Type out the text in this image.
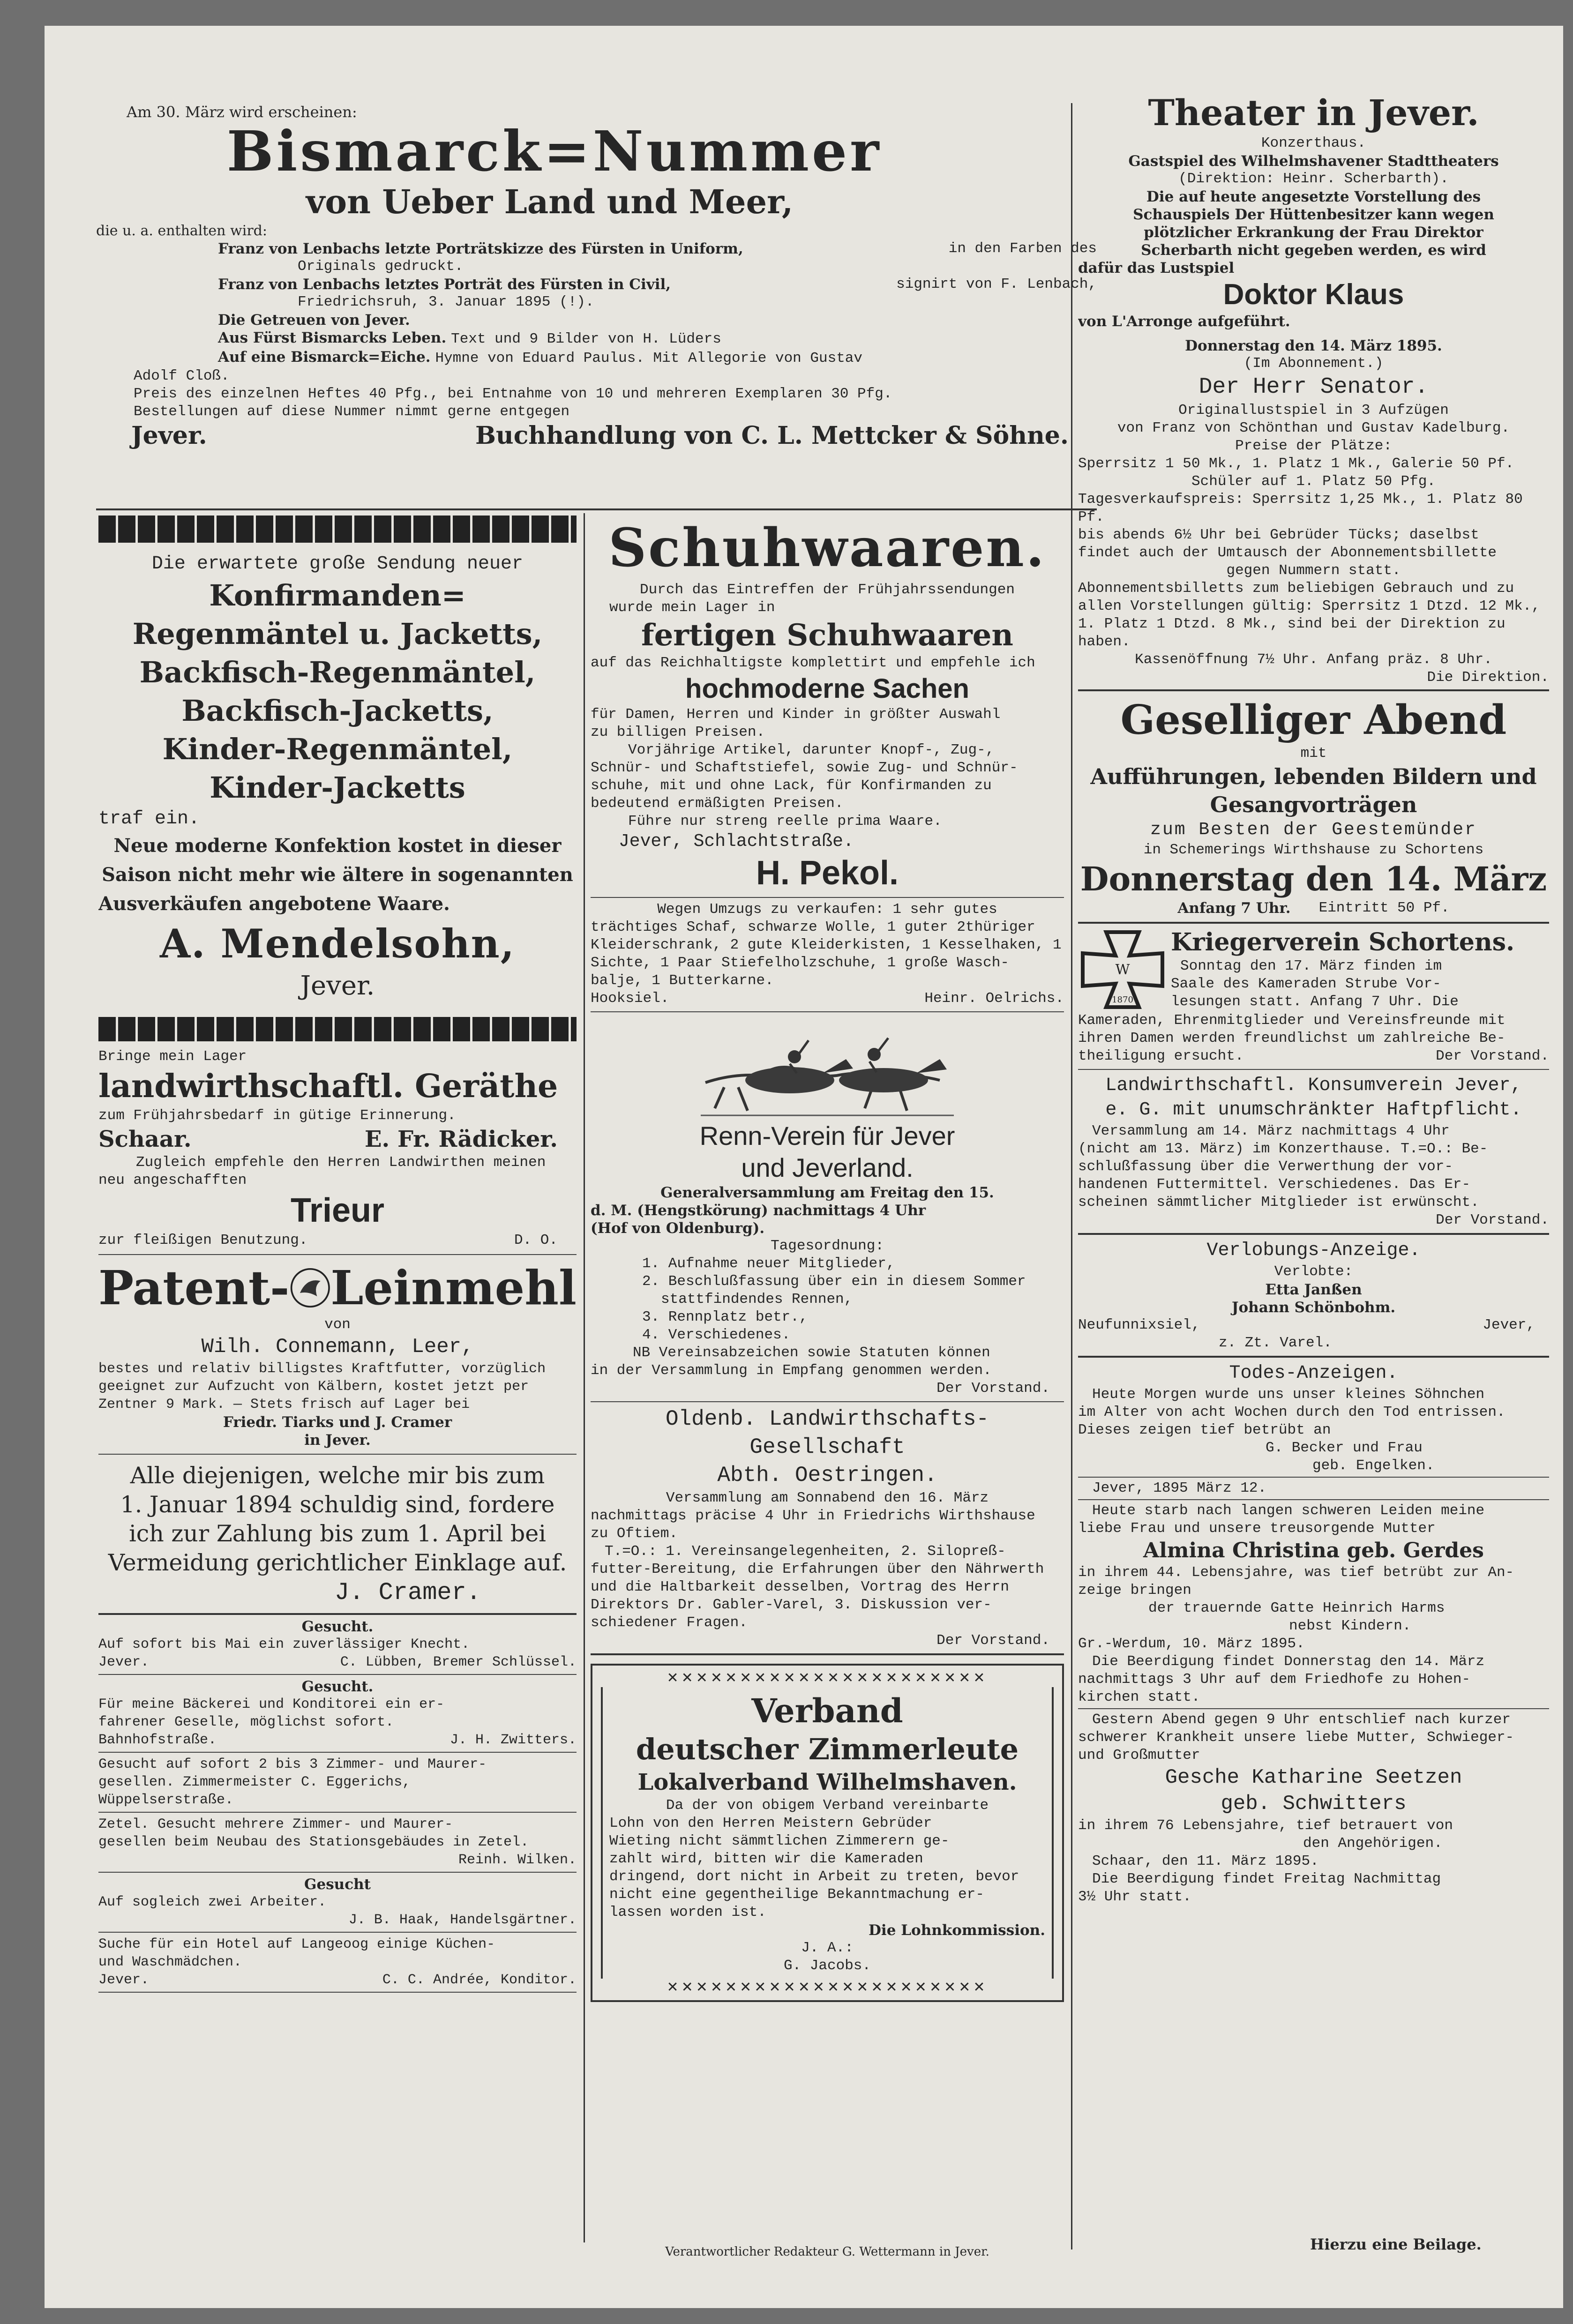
Am 30. März wird erscheinen:

Bismarck=Nummer
von Ueber Land und Meer,

die u. a. enthalten wird:

Franz von Lenbachs letzte Porträtskizze des Fürsten in Uniform,	in den Farben des

Originals gedruckt.

Franz von Lenbachs letztes Porträt des Fürsten in Civil,	signirt von F. Lenbach,

Friedrichsruh, 3. Januar 1895 (!).

Die Getreuen von Jever.

Aus Fürst Bismarcks Leben. Text und 9 Bilder von H. Lüders
Auf eine Bismarck=Eiche. Hymne von Eduard Paulus. Mit Allegorie von Gustav

Adolf Cloß.

Preis des einzelnen Heftes 40 Pfg., bei Entnahme von 10 und mehreren Exemplaren 30 Pfg.

Bestellungen auf diese Nummer nimmt gerne entgegen

Jever.	Buchhandlung von C. L. Mettcker & Söhne.

Die erwartete große Sendung neuer

Konfirmanden=
Regenmäntel u. Jacketts,
Backfisch-Regenmäntel,
Backfisch-Jacketts,
Kinder-Regenmäntel,
Kinder-Jacketts

traf ein.

Neue moderne Konfektion kostet in dieser

Saison nicht mehr wie ältere in sogenannten

Ausverkäufen angebotene Waare.

A. Mendelsohn,
Jever.

Bringe mein Lager

landwirthschaftl. Geräthe

zum Frühjahrsbedarf in gütige Erinnerung.

Schaar.	E. Fr. Rädicker.

Zugleich empfehle den Herren Landwirthen meinen

neu angeschafften

Trieur
zur fleißigen Benutzung.	D. O.
Patent- Leinmehl

von

Wilh. Connemann, Leer,

bestes und relativ billigstes Kraftfutter, vorzüglich

geeignet zur Aufzucht von Kälbern, kostet jetzt per

Zentner 9 Mark. — Stets frisch auf Lager bei

Friedr. Tiarks und J. Cramer

in Jever.

Alle diejenigen, welche mir bis zum

1. Januar 1894 schuldig sind, fordere

ich zur Zahlung bis zum 1. April bei

Vermeidung gerichtlicher Einklage auf.

J. Cramer.

Gesucht.

Auf sofort bis Mai ein zuverlässiger Knecht.

Jever.	C. Lübben, Bremer Schlüssel.

Gesucht.

Für meine Bäckerei und Konditorei ein er-

fahrener Geselle, möglichst sofort.

Bahnhofstraße.	J. H. Zwitters.

Gesucht auf sofort 2 bis 3 Zimmer- und Maurer-

gesellen. Zimmermeister C. Eggerichs,

Wüppelserstraße.

Zetel. Gesucht mehrere Zimmer- und Maurer-

gesellen beim Neubau des Stationsgebäudes in Zetel.

Reinh. Wilken.

Gesucht

Auf sogleich zwei Arbeiter.

J. B. Haak, Handelsgärtner.

Suche für ein Hotel auf Langeoog einige Küchen-

und Waschmädchen.

Jever.	C. C. Andrée, Konditor.
Schuhwaaren.

Durch das Eintreffen der Frühjahrssendungen

wurde mein Lager in

fertigen Schuhwaaren

auf das Reichhaltigste komplettirt und empfehle ich

hochmoderne Sachen

für Damen, Herren und Kinder in größter Auswahl

zu billigen Preisen.

Vorjährige Artikel, darunter Knopf-, Zug-,

Schnür- und Schaftstiefel, sowie Zug- und Schnür-

schuhe, mit und ohne Lack, für Konfirmanden zu

bedeutend ermäßigten Preisen.

Führe nur streng reelle prima Waare.

Jever, Schlachtstraße.

H. Pekol.

Wegen Umzugs zu verkaufen: 1 sehr gutes

trächtiges Schaf, schwarze Wolle, 1 guter 2thüriger

Kleiderschrank, 2 gute Kleiderkisten, 1 Kesselhaken, 1

Sichte, 1 Paar Stiefelholzschuhe, 1 große Wasch-

balje, 1 Butterkarne.

Hooksiel.	Heinr. Oelrichs.
Renn-Verein für Jever
und Jeverland.

Generalversammlung am Freitag den 15.

d. M. (Hengstkörung) nachmittags 4 Uhr

(Hof von Oldenburg).

Tagesordnung:

1. Aufnahme neuer Mitglieder,

2. Beschlußfassung über ein in diesem Sommer

stattfindendes Rennen,

3. Rennplatz betr.,

4. Verschiedenes.

NB Vereinsabzeichen sowie Statuten können

in der Versammlung in Empfang genommen werden.

Der Vorstand.

Oldenb. Landwirthschafts-Gesellschaft
Abth. Oestringen.

Versammlung am Sonnabend den 16. März

nachmittags präcise 4 Uhr in Friedrichs Wirthshause

zu Oftiem.

T.=O.: 1. Vereinsangelegenheiten, 2. Silopreß-

futter-Bereitung, die Erfahrungen über den Nährwerth

und die Haltbarkeit desselben, Vortrag des Herrn

Direktors Dr. Gabler-Varel, 3. Diskussion ver-

schiedener Fragen.

Der Vorstand.

✕✕✕✕✕✕✕✕✕✕✕✕✕✕✕✕✕✕✕✕✕✕
Verband
deutscher Zimmerleute
Lokalverband Wilhelmshaven.

Da der von obigem Verband vereinbarte

Lohn von den Herren Meistern Gebrüder

Wieting nicht sämmtlichen Zimmerern ge-

zahlt wird, bitten wir die Kameraden

dringend, dort nicht in Arbeit zu treten, bevor

nicht eine gegentheilige Bekanntmachung er-

lassen worden ist.

Die Lohnkommission.

J. A.:

G. Jacobs.

✕✕✕✕✕✕✕✕✕✕✕✕✕✕✕✕✕✕✕✕✕✕
Verantwortlicher Redakteur G. Wettermann in Jever.
Theater in Jever.

Konzerthaus.

Gastspiel des Wilhelmshavener Stadttheaters

(Direktion: Heinr. Scherbarth).

Die auf heute angesetzte Vorstellung des

Schauspiels Der Hüttenbesitzer kann wegen

plötzlicher Erkrankung der Frau Direktor

Scherbarth nicht gegeben werden, es wird

dafür das Lustspiel

Doktor Klaus

von L'Arronge aufgeführt.

Donnerstag den 14. März 1895.

(Im Abonnement.)

Der Herr Senator.

Originallustspiel in 3 Aufzügen

von Franz von Schönthan und Gustav Kadelburg.

Preise der Plätze:

Sperrsitz 1 50 Mk., 1. Platz 1 Mk., Galerie 50 Pf.

Schüler auf 1. Platz 50 Pfg.

Tagesverkaufspreis: Sperrsitz 1,25 Mk., 1. Platz 80 Pf.

bis abends 6½ Uhr bei Gebrüder Tücks; daselbst

findet auch der Umtausch der Abonnementsbillette

gegen Nummern statt.

Abonnementsbilletts zum beliebigen Gebrauch und zu

allen Vorstellungen gültig: Sperrsitz 1 Dtzd. 12 Mk.,

1. Platz 1 Dtzd. 8 Mk., sind bei der Direktion zu haben.

Kassenöffnung 7½ Uhr. Anfang präz. 8 Uhr.

Die Direktion.

Geselliger Abend

mit

Aufführungen, lebenden Bildern und
Gesangvorträgen

zum Besten der Geestemünder

in Schemerings Wirthshause zu Schortens

Donnerstag den 14. März
Anfang 7 Uhr. Eintritt 50 Pf.
W
1870
Kriegerverein Schortens.

Sonntag den 17. März finden im

Saale des Kameraden Strube Vor-

lesungen statt. Anfang 7 Uhr. Die

Kameraden, Ehrenmitglieder und Vereinsfreunde mit

ihren Damen werden freundlichst um zahlreiche Be-

theiligung ersucht.	Der Vorstand.
Landwirthschaftl. Konsumverein Jever,
e. G. mit unumschränkter Haftpflicht.

Versammlung am 14. März nachmittags 4 Uhr

(nicht am 13. März) im Konzerthause. T.=O.: Be-

schlußfassung über die Verwerthung der vor-

handenen Futtermittel. Verschiedenes. Das Er-

scheinen sämmtlicher Mitglieder ist erwünscht.

Der Vorstand.

Verlobungs-Anzeige.

Verlobte:

Etta Janßen

Johann Schönbohm.

Neufunnixsiel,	Jever,

z. Zt. Varel.

Todes-Anzeigen.

Heute Morgen wurde uns unser kleines Söhnchen

im Alter von acht Wochen durch den Tod entrissen.

Dieses zeigen tief betrübt an

G. Becker und Frau

geb. Engelken.

Jever, 1895 März 12.

Heute starb nach langen schweren Leiden meine

liebe Frau und unsere treusorgende Mutter

Almina Christina geb. Gerdes

in ihrem 44. Lebensjahre, was tief betrübt zur An-

zeige bringen

der trauernde Gatte Heinrich Harms

nebst Kindern.

Gr.-Werdum, 10. März 1895.

Die Beerdigung findet Donnerstag den 14. März

nachmittags 3 Uhr auf dem Friedhofe zu Hohen-

kirchen statt.

Gestern Abend gegen 9 Uhr entschlief nach kurzer

schwerer Krankheit unsere liebe Mutter, Schwieger-

und Großmutter

Gesche Katharine Seetzen
geb. Schwitters

in ihrem 76 Lebensjahre, tief betrauert von

den Angehörigen.

Schaar, den 11. März 1895.

Die Beerdigung findet Freitag Nachmittag

3½ Uhr statt.

Hierzu eine Beilage.
